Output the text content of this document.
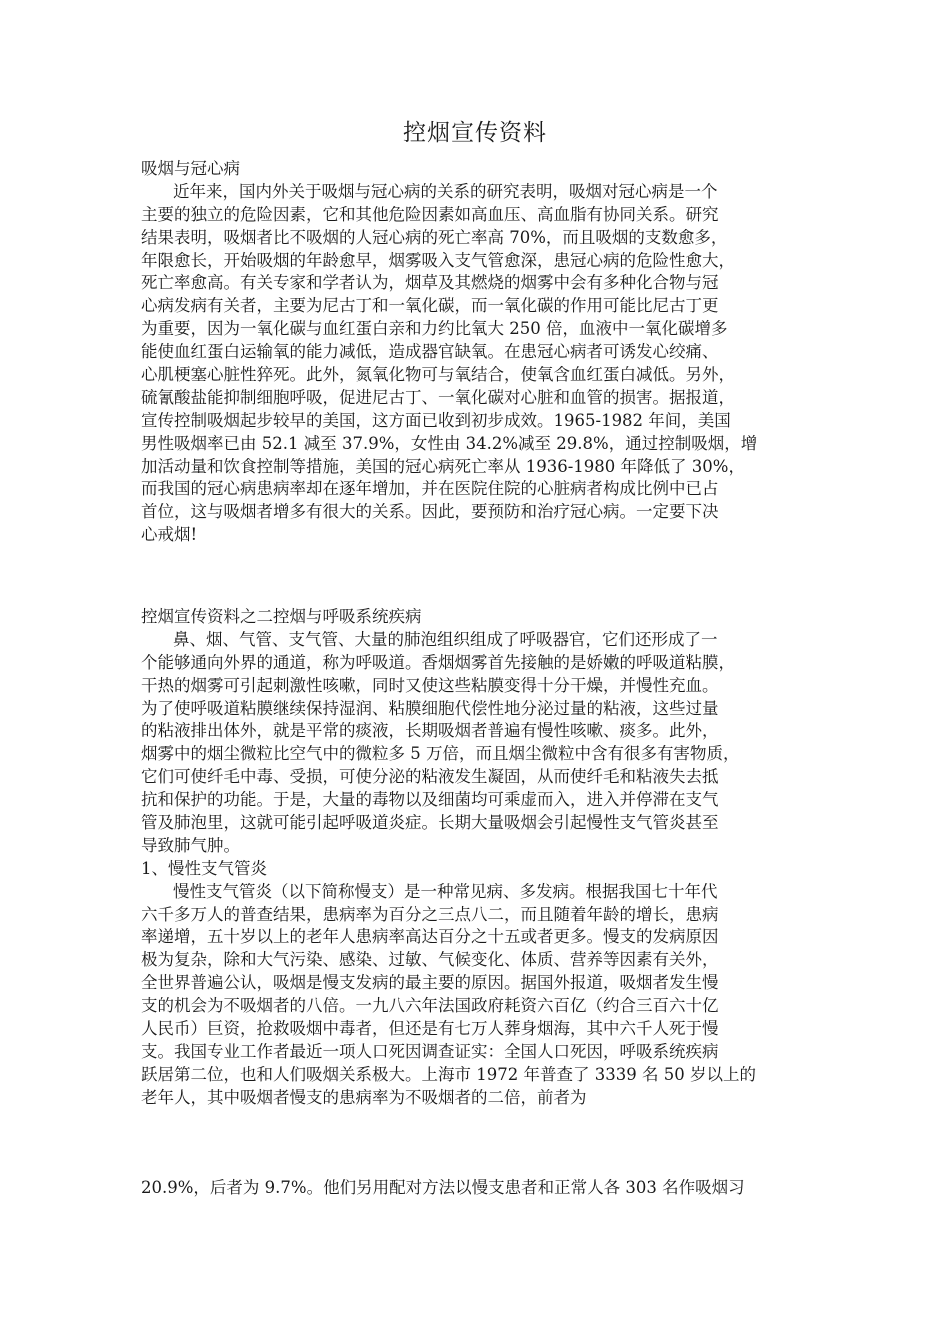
控烟宣传资料
吸烟与冠心病
近年来，国内外关于吸烟与冠心病的关系的研究表明，吸烟对冠心病是一个
主要的独立的危险因素，它和其他危险因素如高血压、高血脂有协同关系。研究
结果表明，吸烟者比不吸烟的人冠心病的死亡率高 70%，而且吸烟的支数愈多，
年限愈长，开始吸烟的年龄愈早，烟雾吸入支气管愈深，患冠心病的危险性愈大，
死亡率愈高。有关专家和学者认为，烟草及其燃烧的烟雾中会有多种化合物与冠
心病发病有关者，主要为尼古丁和一氧化碳，而一氧化碳的作用可能比尼古丁更
为重要，因为一氧化碳与血红蛋白亲和力约比氧大 250 倍，血液中一氧化碳增多
能使血红蛋白运输氧的能力减低，造成器官缺氧。在患冠心病者可诱发心绞痛、
心肌梗塞心脏性猝死。此外，氮氧化物可与氧结合，使氧含血红蛋白减低。另外，
硫氰酸盐能抑制细胞呼吸，促进尼古丁、一氧化碳对心脏和血管的损害。据报道，
宣传控制吸烟起步较早的美国，这方面已收到初步成效。1965-1982 年间，美国
男性吸烟率已由 52.1 减至 37.9%，女性由 34.2%减至 29.8%，通过控制吸烟，增
加活动量和饮食控制等措施，美国的冠心病死亡率从 1936-1980 年降低了 30%，
而我国的冠心病患病率却在逐年增加，并在医院住院的心脏病者构成比例中已占
首位，这与吸烟者增多有很大的关系。因此，要预防和治疗冠心病。一定要下决
心戒烟!
控烟宣传资料之二控烟与呼吸系统疾病
鼻、烟、气管、支气管、大量的肺泡组织组成了呼吸器官，它们还形成了一
个能够通向外界的通道，称为呼吸道。香烟烟雾首先接触的是娇嫩的呼吸道粘膜，
干热的烟雾可引起刺激性咳嗽，同时又使这些粘膜变得十分干燥，并慢性充血。
为了使呼吸道粘膜继续保持湿润、粘膜细胞代偿性地分泌过量的粘液，这些过量
的粘液排出体外，就是平常的痰液，长期吸烟者普遍有慢性咳嗽、痰多。此外，
烟雾中的烟尘微粒比空气中的微粒多 5 万倍，而且烟尘微粒中含有很多有害物质，
它们可使纤毛中毒、受损，可使分泌的粘液发生凝固，从而使纤毛和粘液失去抵
抗和保护的功能。于是，大量的毒物以及细菌均可乘虚而入，进入并停滞在支气
管及肺泡里，这就可能引起呼吸道炎症。长期大量吸烟会引起慢性支气管炎甚至
导致肺气肿。
1、慢性支气管炎
慢性支气管炎（以下简称慢支）是一种常见病、多发病。根据我国七十年代
六千多万人的普查结果，患病率为百分之三点八二，而且随着年龄的增长，患病
率递增，五十岁以上的老年人患病率高达百分之十五或者更多。慢支的发病原因
极为复杂，除和大气污染、感染、过敏、气候变化、体质、营养等因素有关外，
全世界普遍公认，吸烟是慢支发病的最主要的原因。据国外报道，吸烟者发生慢
支的机会为不吸烟者的八倍。一九八六年法国政府耗资六百亿（约合三百六十亿
人民币）巨资，抢救吸烟中毒者，但还是有七万人葬身烟海，其中六千人死于慢
支。我国专业工作者最近一项人口死因调查证实：全国人口死因，呼吸系统疾病
跃居第二位，也和人们吸烟关系极大。上海市 1972 年普查了 3339 名 50 岁以上的
老年人，其中吸烟者慢支的患病率为不吸烟者的二倍，前者为
20.9%，后者为 9.7%。他们另用配对方法以慢支患者和正常人各 303 名作吸烟习
